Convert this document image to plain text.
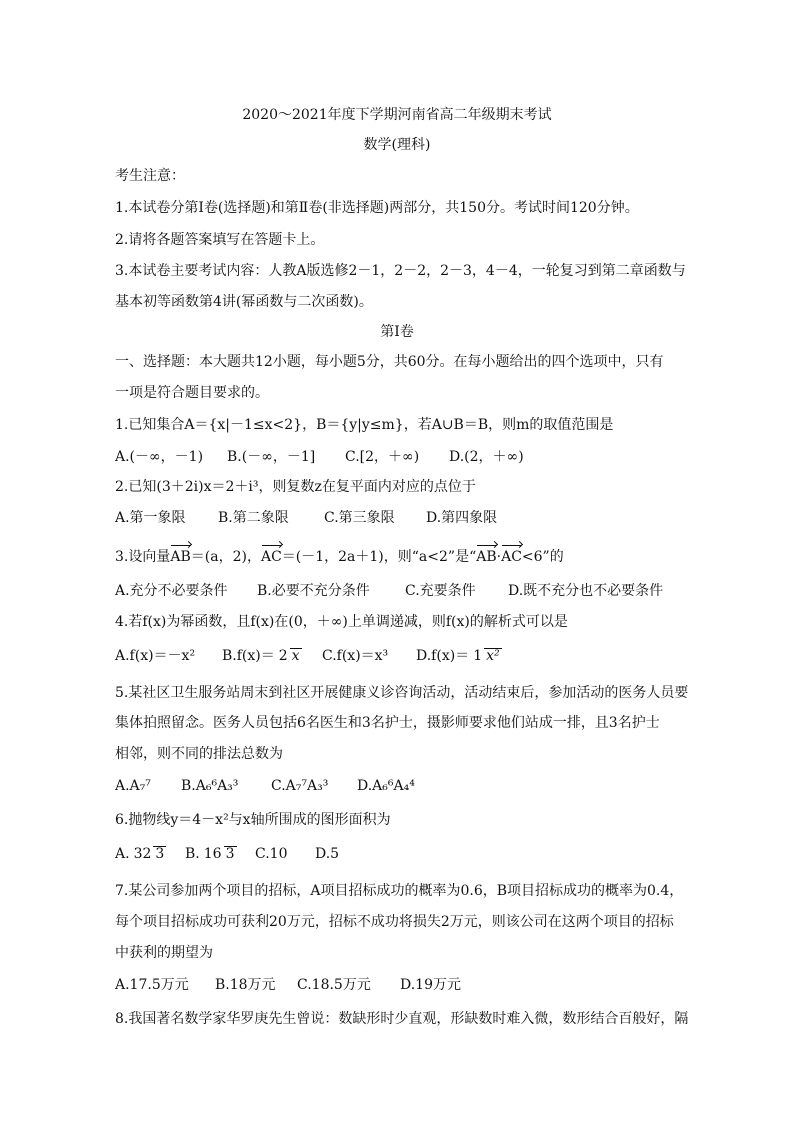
2020～2021年度下学期河南省高二年级期末考试
数学(理科)
考生注意：
1.本试卷分第Ⅰ卷(选择题)和第Ⅱ卷(非选择题)两部分，共150分。考试时间120分钟。
2.请将各题答案填写在答题卡上。
3.本试卷主要考试内容：人教A版选修2－1，2－2，2－3，4－4，一轮复习到第二章函数与
基本初等函数第4讲(幂函数与二次函数)。
第Ⅰ卷
一、选择题：本大题共12小题，每小题5分，共60分。在每小题给出的四个选项中，只有
一项是符合题目要求的。
1.已知集合A＝{x|－1≤x<2}，B＝{y|y≤m}，若A∪B＝B，则m的取值范围是
A.(－∞，－1)	B.(－∞，－1]	C.[2，＋∞)	D.(2，＋∞)
2.已知(3＋2i)x＝2＋i³，则复数z在复平面内对应的点位于
A.第一象限	B.第二象限	C.第三象限	D.第四象限
3.设向量AB＝(a，2)，AC＝(－1，2a＋1)，则“a<2”是“AB·AC<6”的
A.充分不必要条件	B.必要不充分条件	C.充要条件	D.既不充分也不必要条件
4.若f(x)为幂函数，且f(x)在(0，＋∞)上单调递减，则f(x)的解析式可以是
A.f(x)＝－x²	B.f(x)＝ 2 x	C.f(x)＝x³	D.f(x)＝ 1 x²
5.某社区卫生服务站周末到社区开展健康义诊咨询活动，活动结束后，参加活动的医务人员要
集体拍照留念。医务人员包括6名医生和3名护士，摄影师要求他们站成一排，且3名护士
相邻，则不同的排法总数为
A.A₇⁷	B.A₆⁶A₃³	C.A₇⁷A₃³	D.A₆⁶A₄⁴
6.抛物线y＝4－x²与x轴所围成的图形面积为
A. 32 3	B. 16 3	C.10	D.5
7.某公司参加两个项目的招标，A项目招标成功的概率为0.6，B项目招标成功的概率为0.4，
每个项目招标成功可获利20万元，招标不成功将损失2万元，则该公司在这两个项目的招标
中获利的期望为
A.17.5万元	B.18万元	C.18.5万元	D.19万元
8.我国著名数学家华罗庚先生曾说：数缺形时少直观，形缺数时难入微，数形结合百般好，隔
